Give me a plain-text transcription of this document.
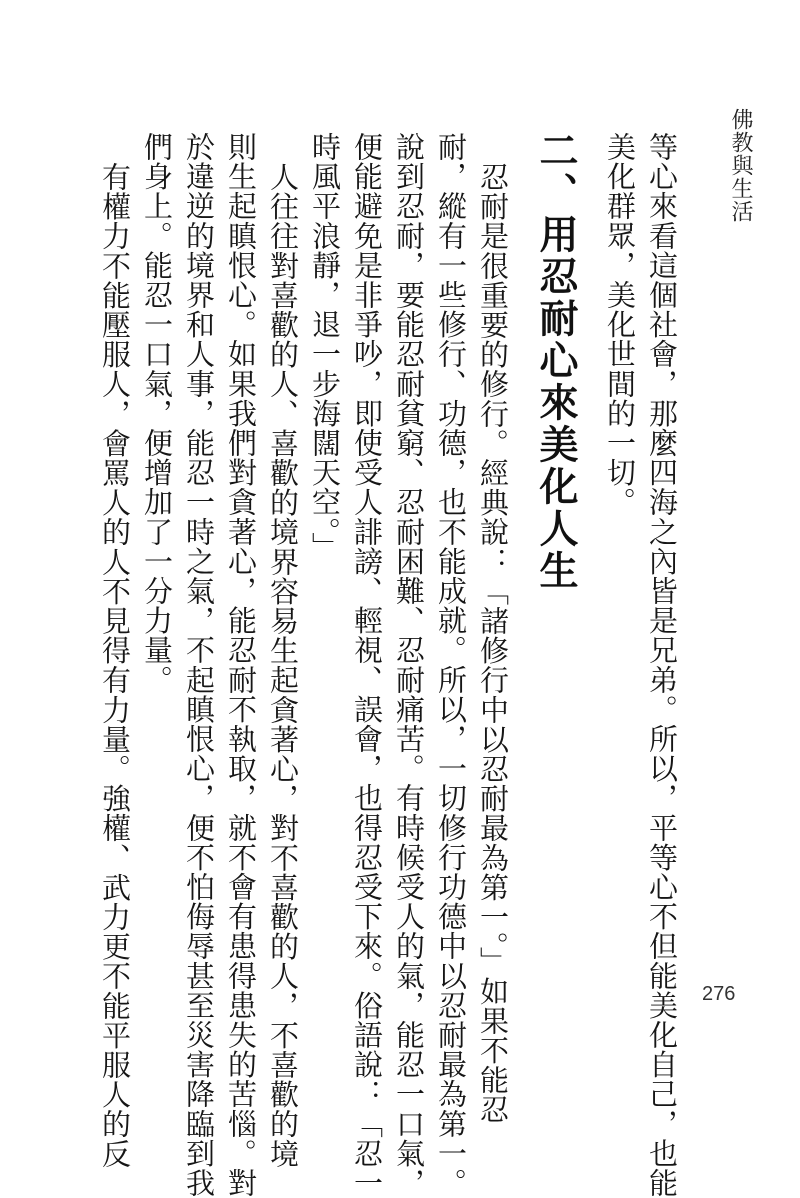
佛教與生活
276
等心來看這個社會，那麼四海之內皆是兄弟。所以，平等心不但能美化自己，也能
美化群眾，美化世間的一切。
二、用忍耐心來美化人生
忍耐是很重要的修行。經典說：「諸修行中以忍耐最為第一。」如果不能忍
耐，縱有一些修行、功德，也不能成就。所以，一切修行功德中以忍耐最為第一。
說到忍耐，要能忍耐貧窮、忍耐困難、忍耐痛苦。有時候受人的氣，能忍一口氣，
便能避免是非爭吵，即使受人誹謗、輕視、誤會，也得忍受下來。俗語說：「忍一
時風平浪靜，退一步海闊天空。」
人往往對喜歡的人、喜歡的境界容易生起貪著心，對不喜歡的人，不喜歡的境
則生起瞋恨心。如果我們對貪著心，能忍耐不執取，就不會有患得患失的苦惱。對
於違逆的境界和人事，能忍一時之氣，不起瞋恨心，便不怕侮辱甚至災害降臨到我
們身上。能忍一口氣，便增加了一分力量。
有權力不能壓服人，會罵人的人不見得有力量。強權、武力更不能平服人的反
